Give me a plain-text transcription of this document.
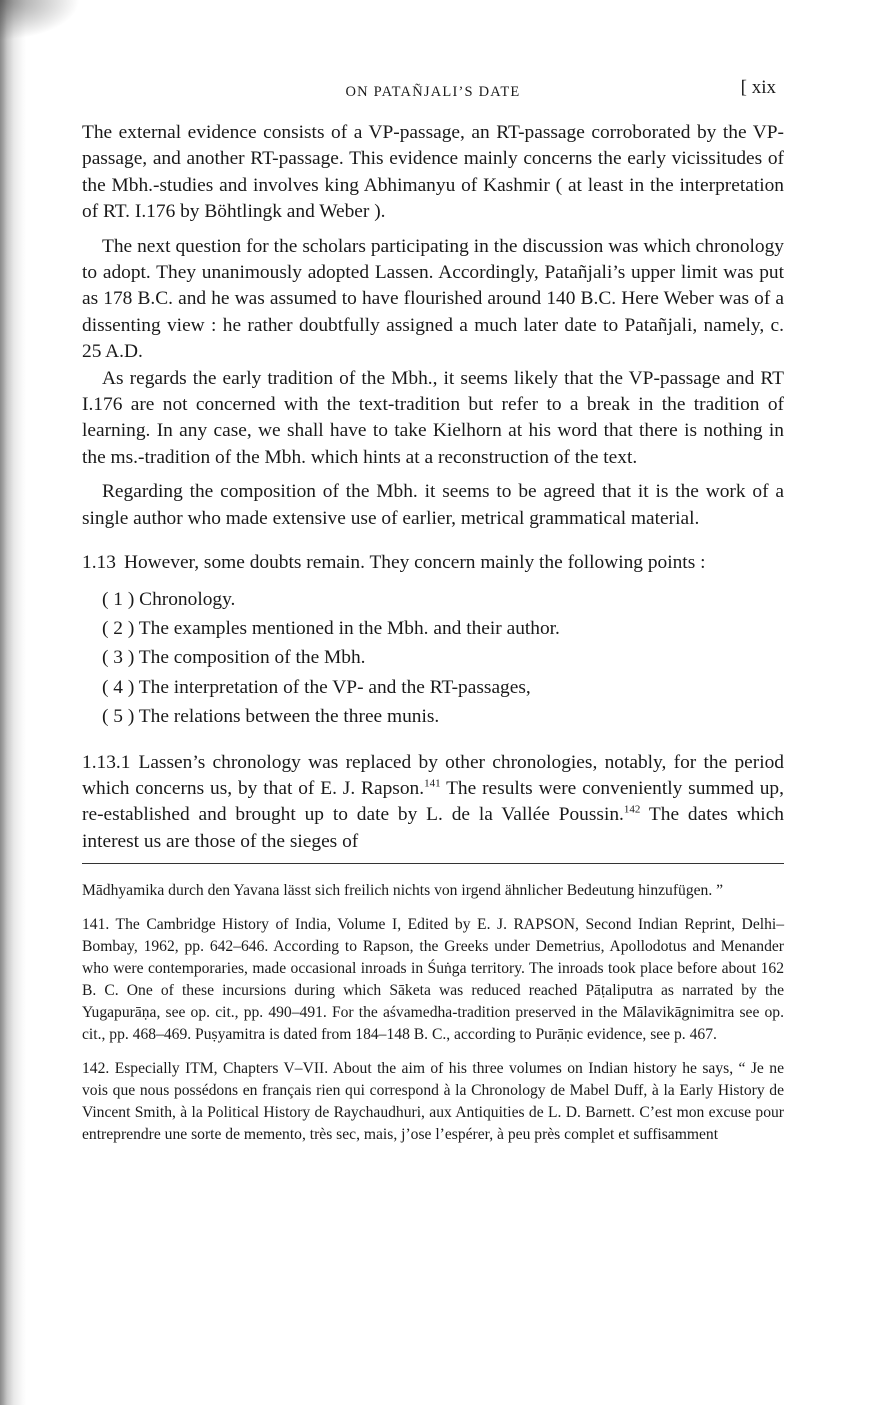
ON PATAÑJALI’S DATE	[ xix

The external evidence consists of a VP-passage, an RT-passage corroborated by the VP-passage, and another RT-passage. This evidence mainly concerns the early vicissitudes of the Mbh.-studies and involves king Abhimanyu of Kashmir ( at least in the interpretation of RT. I.176 by Böhtlingk and Weber ).

The next question for the scholars participating in the discussion was which chronology to adopt. They unanimously adopted Lassen. Accordingly, Patañjali’s upper limit was put as 178 B.C. and he was assumed to have flourished around 140 B.C. Here Weber was of a dissenting view : he rather doubtfully assigned a much later date to Patañjali, namely, c. 25 A.D.

As regards the early tradition of the Mbh., it seems likely that the VP-passage and RT I.176 are not concerned with the text-tradition but refer to a break in the tradition of learning. In any case, we shall have to take Kielhorn at his word that there is nothing in the ms.-tradition of the Mbh. which hints at a reconstruction of the text.

Regarding the composition of the Mbh. it seems to be agreed that it is the work of a single author who made extensive use of earlier, metrical grammatical material.

1.13 However, some doubts remain. They concern mainly the following points :

( 1 ) Chronology.
( 2 ) The examples mentioned in the Mbh. and their author.
( 3 ) The composition of the Mbh.
( 4 ) The interpretation of the VP- and the RT-passages,
( 5 ) The relations between the three munis.

1.13.1 Lassen’s chronology was replaced by other chronologies, notably, for the period which concerns us, by that of E. J. Rapson.$^{141}$ The results were conveniently summed up, re-established and brought up to date by L. de la Vallée Poussin.$^{142}$ The dates which interest us are those of the sieges of

Mādhyamika durch den Yavana lässt sich freilich nichts von irgend ähnlicher Bedeutung hinzufügen. ”

141. The Cambridge History of India, Volume I, Edited by E. J. RAPSON, Second Indian Reprint, Delhi–Bombay, 1962, pp. 642–646. According to Rapson, the Greeks under Demetrius, Apollodotus and Menander who were contemporaries, made occasional inroads in Śuṅga territory. The inroads took place before about 162 B. C. One of these incursions during which Sāketa was reduced reached Pāṭaliputra as narrated by the Yugapurāṇa, see op. cit., pp. 490–491. For the aśvamedha-tradition preserved in the Mālavikāgnimitra see op. cit., pp. 468–469. Puṣyamitra is dated from 184–148 B. C., according to Purāṇic evidence, see p. 467.

142. Especially ITM, Chapters V–VII. About the aim of his three volumes on Indian history he says, “ Je ne vois que nous possédons en français rien qui correspond à la Chronology de Mabel Duff, à la Early History de Vincent Smith, à la Political History de Raychaudhuri, aux Antiquities de L. D. Barnett. C’est mon excuse pour entreprendre une sorte de memento, très sec, mais, j’ose l’espérer, à peu près complet et suffisamment
